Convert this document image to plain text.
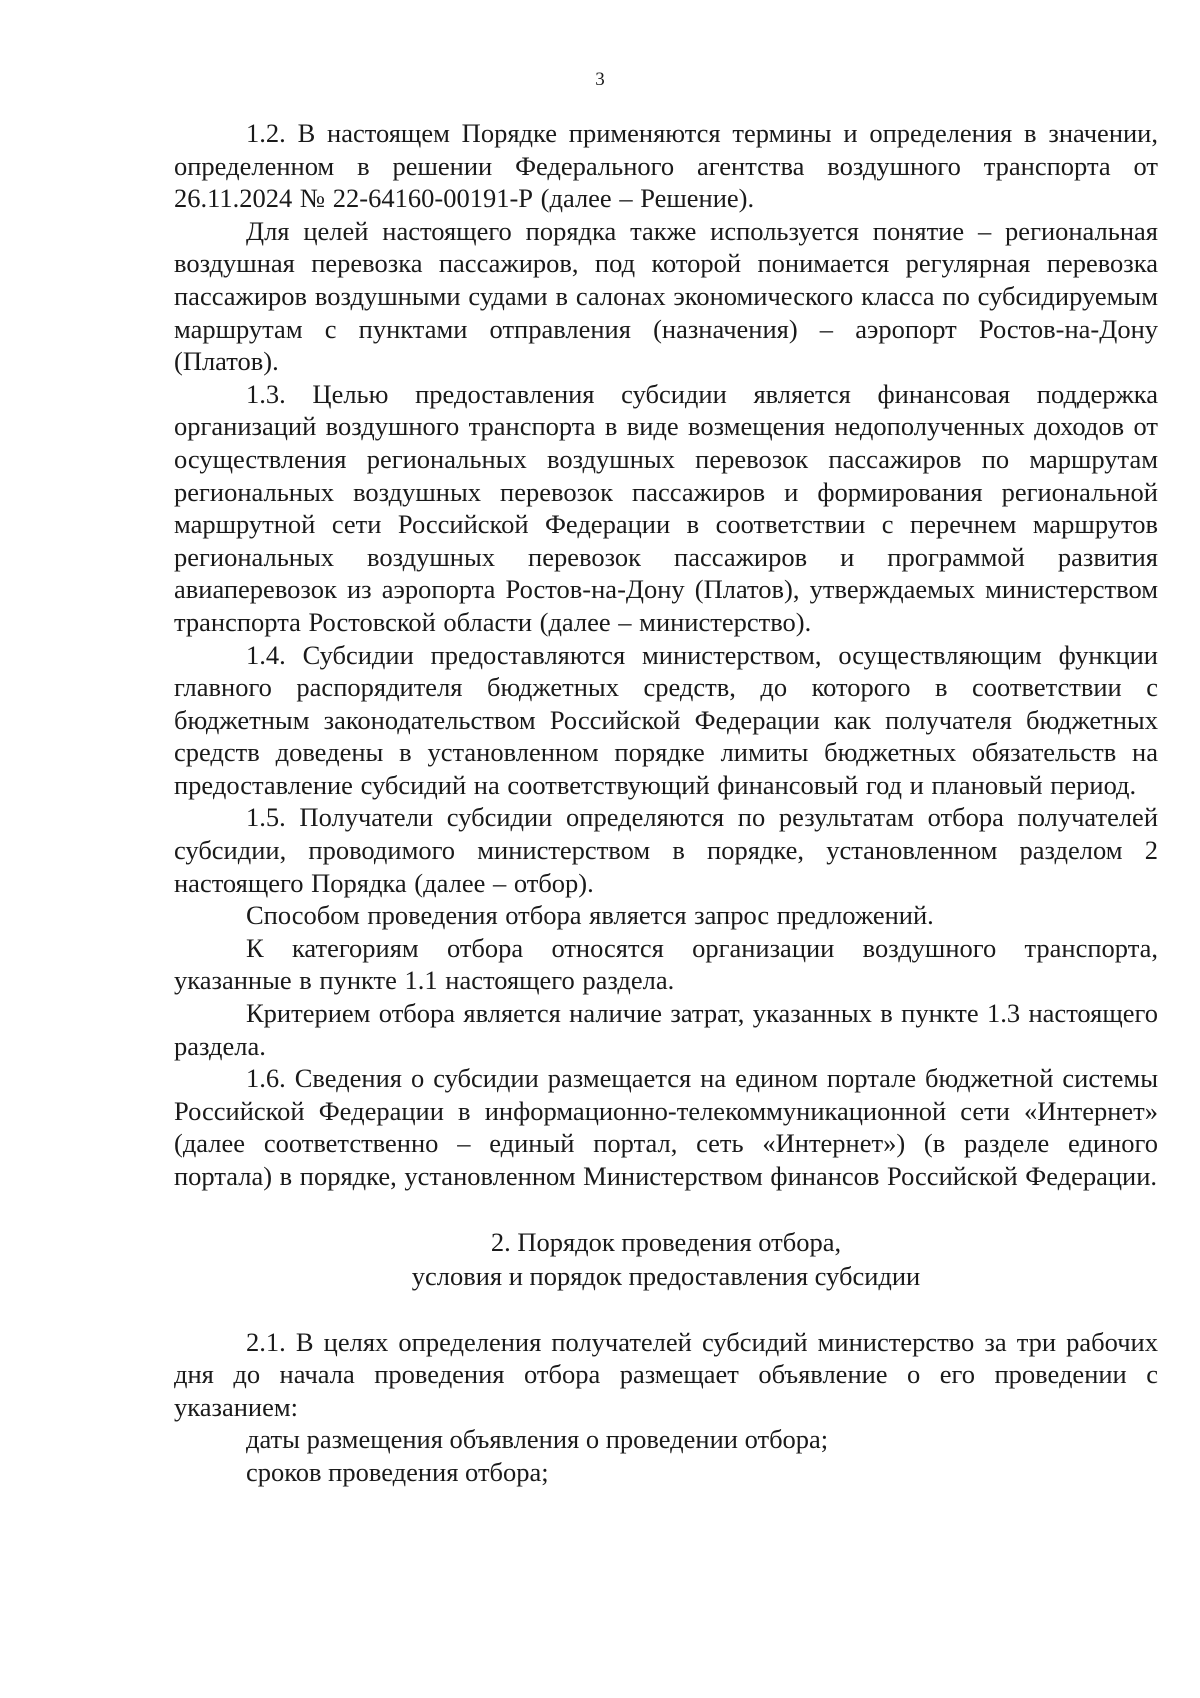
3

1.2. В настоящем Порядке применяются термины и определения в значении, определенном в решении Федерального агентства воздушного транспорта от 26.11.2024 № 22-64160-00191-Р (далее – Решение).

Для целей настоящего порядка также используется понятие – региональная воздушная перевозка пассажиров, под которой понимается регулярная перевозка пассажиров воздушными судами в салонах экономического класса по субсидируемым маршрутам с пунктами отправления (назначения) – аэропорт Ростов-на-Дону (Платов).

1.3. Целью предоставления субсидии является финансовая поддержка организаций воздушного транспорта в виде возмещения недополученных доходов от осуществления региональных воздушных перевозок пассажиров по маршрутам региональных воздушных перевозок пассажиров и формирования региональной маршрутной сети Российской Федерации в соответствии с перечнем маршрутов региональных воздушных перевозок пассажиров и программой развития авиаперевозок из аэропорта Ростов-на-Дону (Платов), утверждаемых министерством транспорта Ростовской области (далее – министерство).

1.4. Субсидии предоставляются министерством, осуществляющим функции главного распорядителя бюджетных средств, до которого в соответствии с бюджетным законодательством Российской Федерации как получателя бюджетных средств доведены в установленном порядке лимиты бюджетных обязательств на предоставление субсидий на соответствующий финансовый год и плановый период.

1.5. Получатели субсидии определяются по результатам отбора получателей субсидии, проводимого министерством в порядке, установленном разделом 2 настоящего Порядка (далее – отбор).

Способом проведения отбора является запрос предложений.

К категориям отбора относятся организации воздушного транспорта, указанные в пункте 1.1 настоящего раздела.

Критерием отбора является наличие затрат, указанных в пункте 1.3 настоящего раздела.

1.6. Сведения о субсидии размещается на едином портале бюджетной системы Российской Федерации в информационно-телекоммуникационной сети «Интернет» (далее соответственно – единый портал, сеть «Интернет») (в разделе единого портала) в порядке, установленном Министерством финансов Российской Федерации.

2. Порядок проведения отбора,
условия и порядок предоставления субсидии

2.1. В целях определения получателей субсидий министерство за три рабочих дня до начала проведения отбора размещает объявление о его проведении с указанием:

даты размещения объявления о проведении отбора;

сроков проведения отбора;
